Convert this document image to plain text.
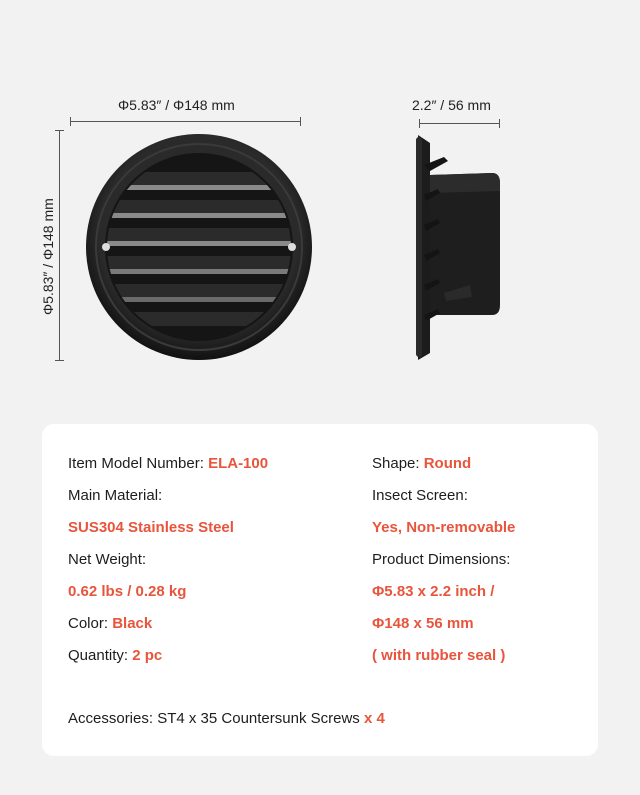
Φ5.83″ / Φ148 mm
Φ5.83″ / Φ148 mm
2.2″ / 56 mm
Item Model Number: ELA-100
Main Material:
SUS304 Stainless Steel
Net Weight:
0.62 lbs / 0.28 kg
Color: Black
Quantity: 2 pc
Shape: Round
Insect Screen:
Yes, Non-removable
Product Dimensions:
Φ5.83 x 2.2 inch /
Φ148 x 56 mm
( with rubber seal )
Accessories: ST4 x 35 Countersunk Screws x 4
